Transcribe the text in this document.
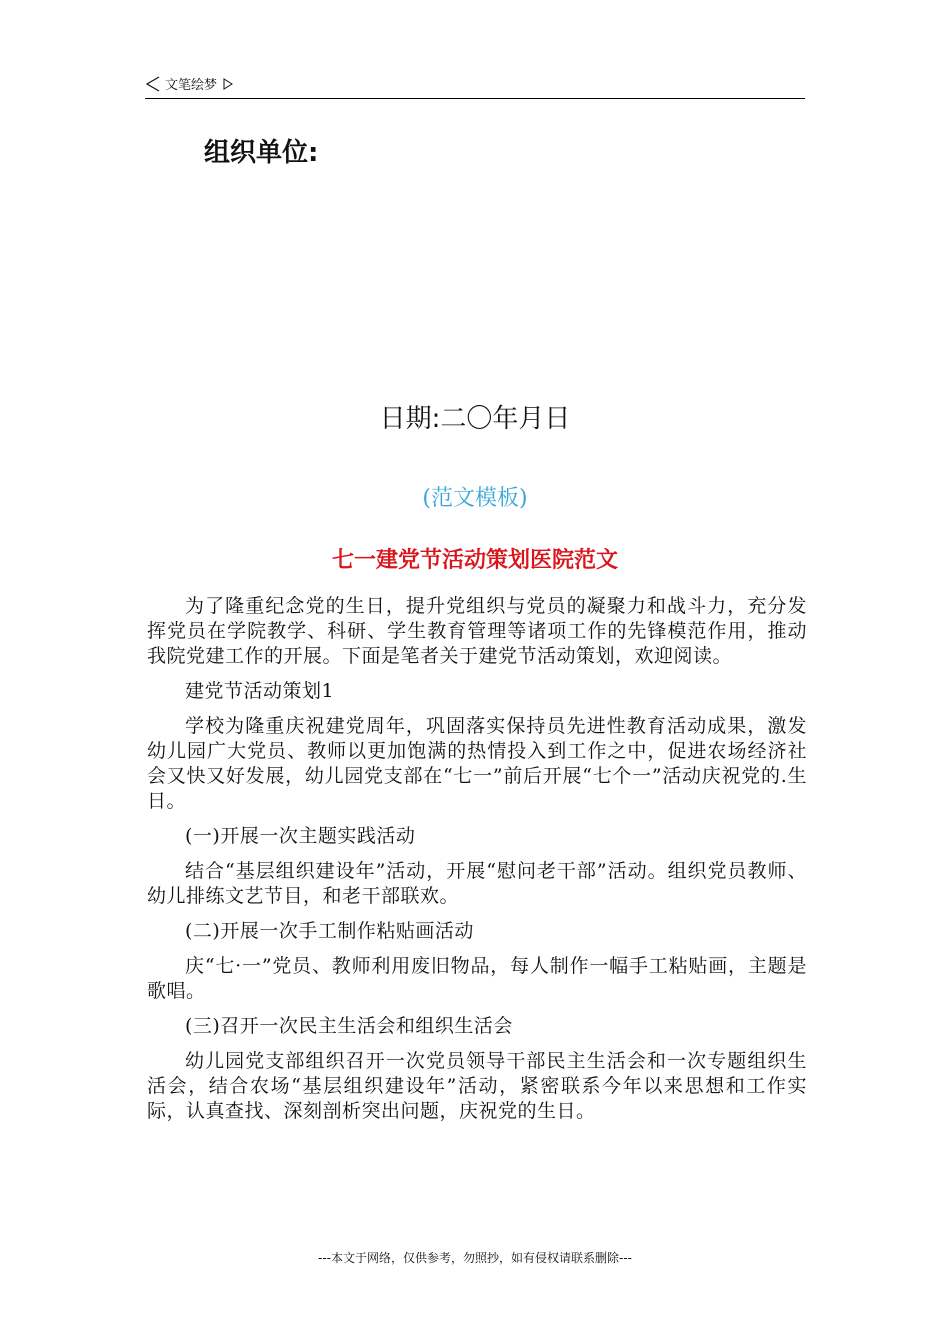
文笔绘梦
组织单位:
日期:二〇年月日
(范文模板)
七一建党节活动策划医院范文

为了隆重纪念党的生日，提升党组织与党员的凝聚力和战斗力，充分发挥党员在学院教学、科研、学生教育管理等诸项工作的先锋模范作用，推动我院党建工作的开展。下面是笔者关于建党节活动策划，欢迎阅读。

建党节活动策划1

学校为隆重庆祝建党周年，巩固落实保持员先进性教育活动成果，激发幼儿园广大党员、教师以更加饱满的热情投入到工作之中，促进农场经济社会又快又好发展，幼儿园党支部在“七一”前后开展“七个一”活动庆祝党的.生日。

(一)开展一次主题实践活动

结合“基层组织建设年”活动，开展“慰问老干部”活动。组织党员教师、幼儿排练文艺节目，和老干部联欢。

(二)开展一次手工制作粘贴画活动

庆“七·一”党员、教师利用废旧物品，每人制作一幅手工粘贴画，主题是歌唱。

(三)召开一次民主生活会和组织生活会

幼儿园党支部组织召开一次党员领导干部民主生活会和一次专题组织生活会，结合农场“基层组织建设年”活动，紧密联系今年以来思想和工作实际，认真查找、深刻剖析突出问题，庆祝党的生日。

---本文于网络，仅供参考，勿照抄，如有侵权请联系删除---
